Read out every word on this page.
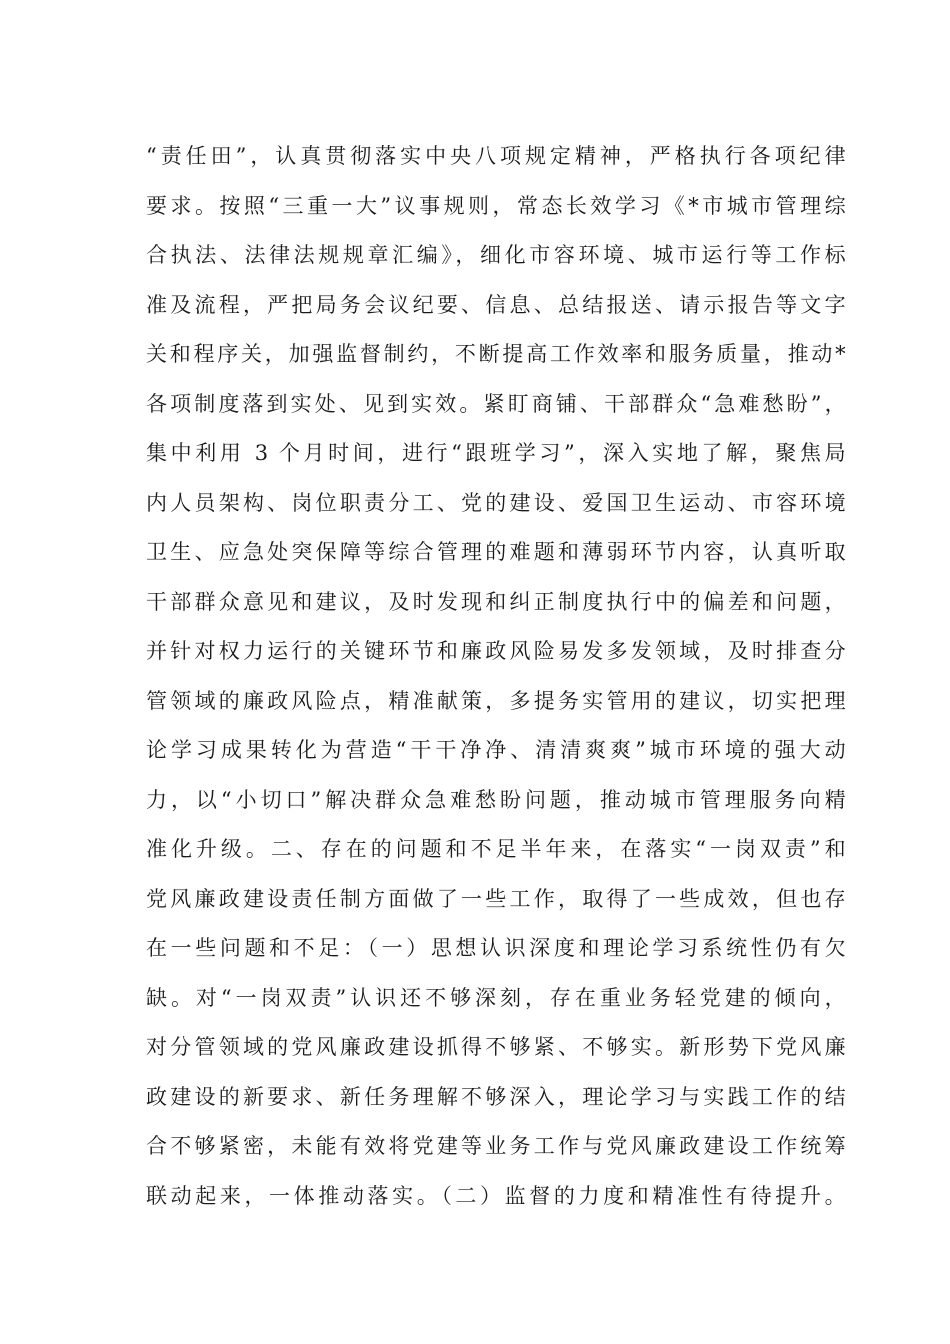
“责任田”，认真贯彻落实中央八项规定精神，严格执行各项纪律
要求。按照“三重一大”议事规则，常态长效学习《*市城市管理综
合执法、法律法规规章汇编》，细化市容环境、城市运行等工作标
准及流程，严把局务会议纪要、信息、总结报送、请示报告等文字
关和程序关，加强监督制约，不断提高工作效率和服务质量，推动*
各项制度落到实处、见到实效。紧盯商铺、干部群众“急难愁盼”，
集中利用 3 个月时间，进行“跟班学习”，深入实地了解，聚焦局
内人员架构、岗位职责分工、党的建设、爱国卫生运动、市容环境
卫生、应急处突保障等综合管理的难题和薄弱环节内容，认真听取
干部群众意见和建议，及时发现和纠正制度执行中的偏差和问题，
并针对权力运行的关键环节和廉政风险易发多发领域，及时排查分
管领域的廉政风险点，精准献策，多提务实管用的建议，切实把理
论学习成果转化为营造“干干净净、清清爽爽”城市环境的强大动
力，以“小切口”解决群众急难愁盼问题，推动城市管理服务向精
准化升级。二、存在的问题和不足半年来，在落实“一岗双责”和
党风廉政建设责任制方面做了一些工作，取得了一些成效，但也存
在一些问题和不足：（一）思想认识深度和理论学习系统性仍有欠
缺。对“一岗双责”认识还不够深刻，存在重业务轻党建的倾向，
对分管领域的党风廉政建设抓得不够紧、不够实。新形势下党风廉
政建设的新要求、新任务理解不够深入，理论学习与实践工作的结
合不够紧密，未能有效将党建等业务工作与党风廉政建设工作统筹
联动起来，一体推动落实。（二）监督的力度和精准性有待提升。
